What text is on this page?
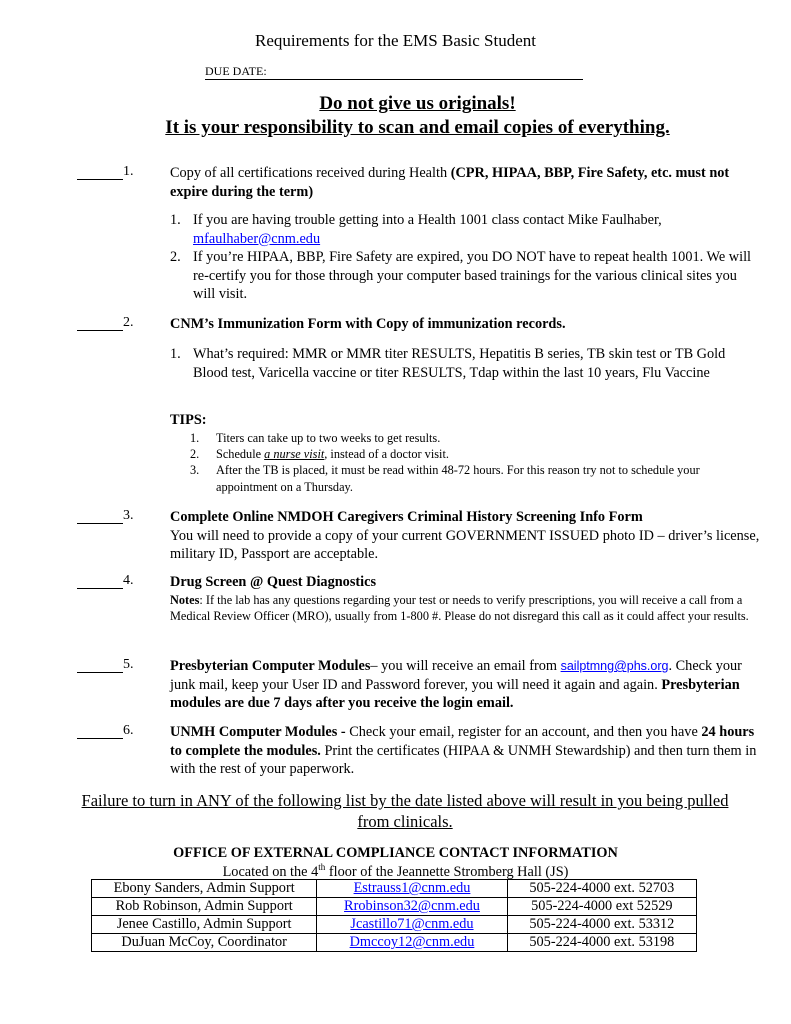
Requirements for the EMS Basic Student
DUE DATE:
Do not give us originals!
It is your responsibility to scan and email copies of everything.
1.	Copy of all certifications received during Health (CPR, HIPAA, BBP, Fire Safety, etc. must not expire during the term)
1. If you are having trouble getting into a Health 1001 class contact Mike Faulhaber,
mfaulhaber@cnm.edu
2. If you’re HIPAA, BBP, Fire Safety are expired, you DO NOT have to repeat health 1001. We will re-certify you for those through your computer based trainings for the various clinical sites you will visit.
2.	CNM’s Immunization Form with Copy of immunization records.
1. What’s required: MMR or MMR titer RESULTS, Hepatitis B series, TB skin test or TB Gold Blood test, Varicella vaccine or titer RESULTS, Tdap within the last 10 years, Flu Vaccine
TIPS:
1. Titers can take up to two weeks to get results.
2. Schedule a nurse visit, instead of a doctor visit.
3. After the TB is placed, it must be read within 48-72 hours. For this reason try not to schedule your appointment on a Thursday.
3.	Complete Online NMDOH Caregivers Criminal History Screening Info Form
You will need to provide a copy of your current GOVERNMENT ISSUED photo ID – driver’s license, military ID, Passport are acceptable.
4.	Drug Screen @ Quest Diagnostics
Notes: If the lab has any questions regarding your test or needs to verify prescriptions, you will receive a call from a Medical Review Officer (MRO), usually from 1-800 #. Please do not disregard this call as it could affect your results.
5.	Presbyterian Computer Modules– you will receive an email from sailptmng@phs.org. Check your junk mail, keep your User ID and Password forever, you will need it again and again. Presbyterian modules are due 7 days after you receive the login email.
6.	UNMH Computer Modules - Check your email, register for an account, and then you have 24 hours to complete the modules. Print the certificates (HIPAA & UNMH Stewardship) and then turn them in with the rest of your paperwork.
Failure to turn in ANY of the following list by the date listed above will result in you being pulled from clinicals.
OFFICE OF EXTERNAL COMPLIANCE CONTACT INFORMATION
Located on the 4th floor of the Jeannette Stromberg Hall (JS)
Ebony Sanders, Admin Support	Estrauss1@cnm.edu	505-224-4000 ext. 52703
Rob Robinson, Admin Support	Rrobinson32@cnm.edu	505-224-4000 ext 52529
Jenee Castillo, Admin Support	Jcastillo71@cnm.edu	505-224-4000 ext. 53312
DuJuan McCoy, Coordinator	Dmccoy12@cnm.edu	505-224-4000 ext. 53198
